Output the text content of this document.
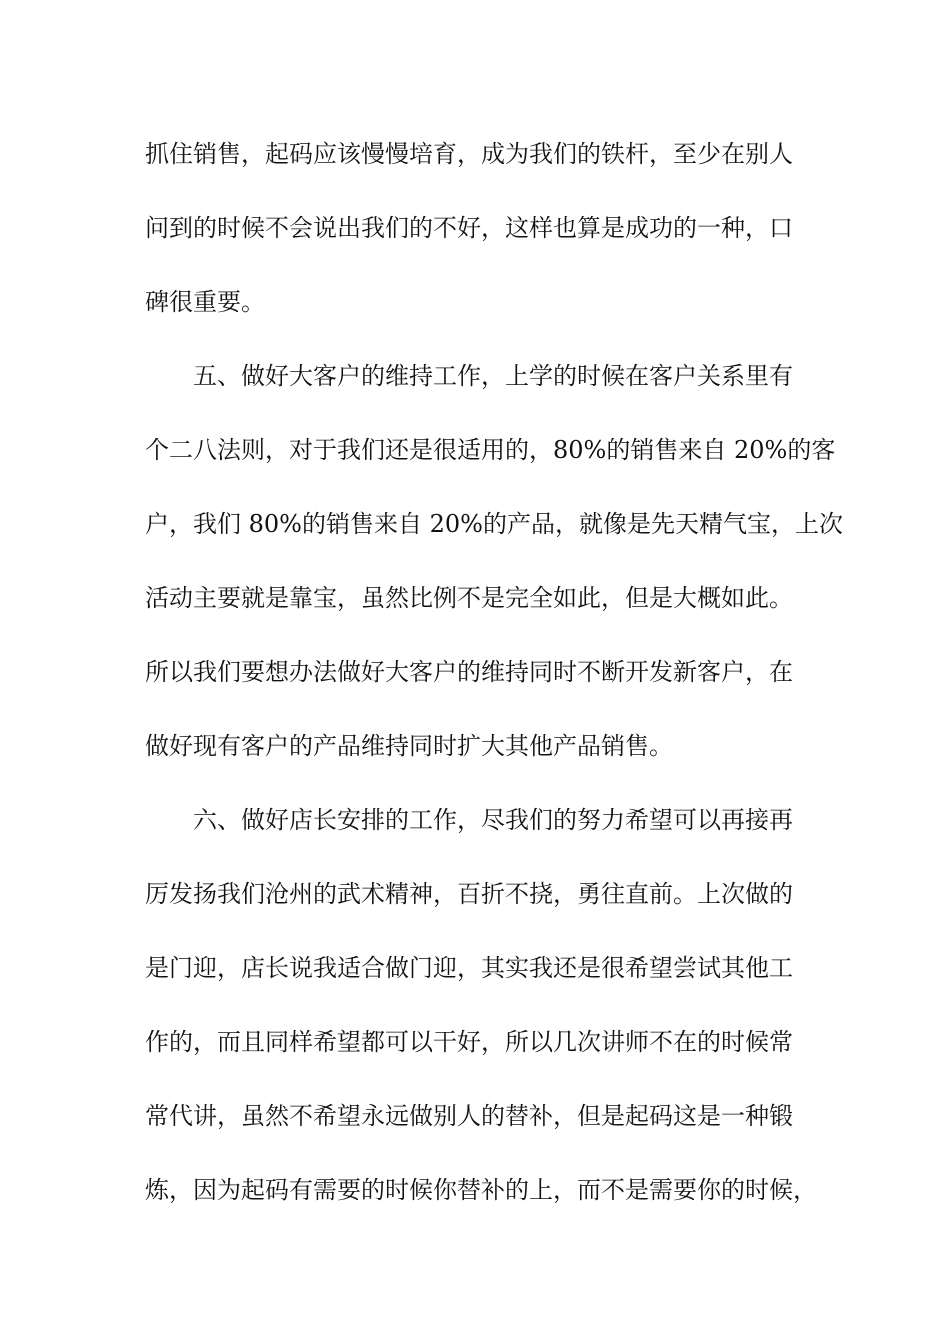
抓住销售，起码应该慢慢培育，成为我们的铁杆，至少在别人
问到的时候不会说出我们的不好，这样也算是成功的一种，口
碑很重要。
五、做好大客户的维持工作，上学的时候在客户关系里有
个二八法则，对于我们还是很适用的，80%的销售来自 20%的客
户，我们 80%的销售来自 20%的产品，就像是先天精气宝，上次
活动主要就是靠宝，虽然比例不是完全如此，但是大概如此。
所以我们要想办法做好大客户的维持同时不断开发新客户，在
做好现有客户的产品维持同时扩大其他产品销售。
六、做好店长安排的工作，尽我们的努力希望可以再接再
厉发扬我们沧州的武术精神，百折不挠，勇往直前。上次做的
是门迎，店长说我适合做门迎，其实我还是很希望尝试其他工
作的，而且同样希望都可以干好，所以几次讲师不在的时候常
常代讲，虽然不希望永远做别人的替补，但是起码这是一种锻
炼，因为起码有需要的时候你替补的上，而不是需要你的时候，
